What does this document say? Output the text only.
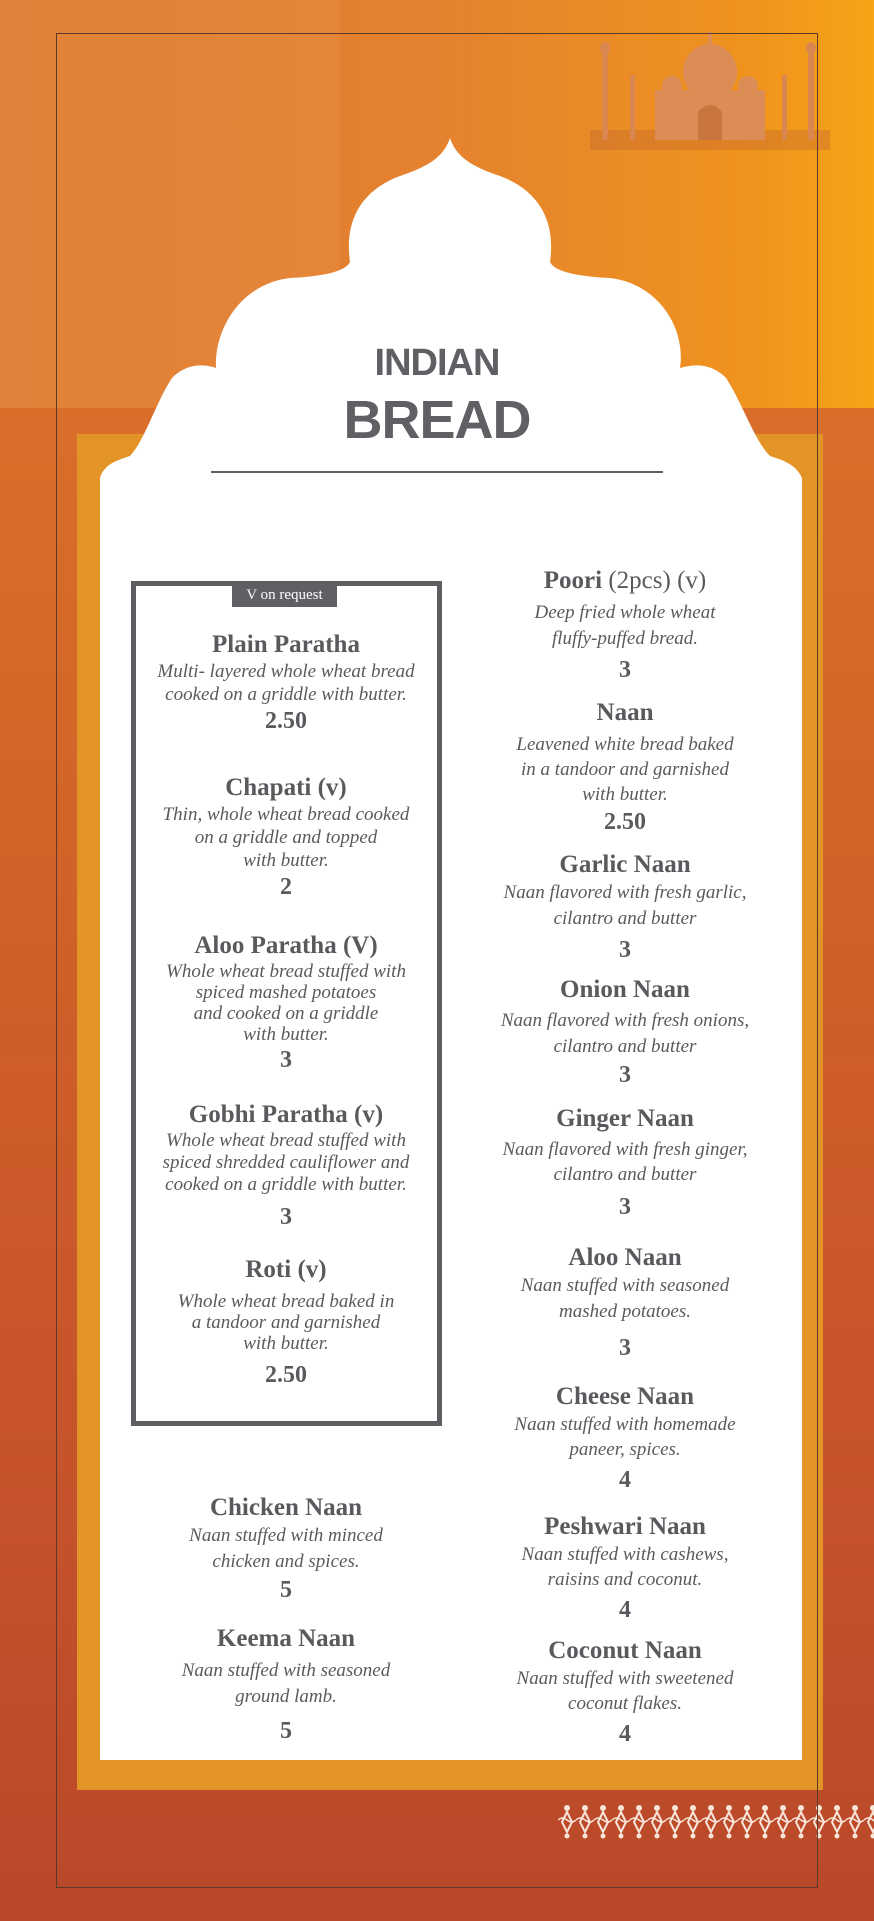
INDIAN
BREAD
V on request
Plain Paratha
Multi- layered whole wheat bread
cooked on a griddle with butter.
2.50
Chapati (v)
Thin, whole wheat bread cooked
on a griddle and topped
with butter.
2
Aloo Paratha (V)
Whole wheat bread stuffed with
spiced mashed potatoes
and cooked on a griddle
with butter.
3
Gobhi Paratha (v)
Whole wheat bread stuffed with
spiced shredded cauliflower and
cooked on a griddle with butter.
3
Roti (v)
Whole wheat bread baked in
a tandoor and garnished
with butter.
2.50
Chicken Naan
Naan stuffed with minced
chicken and spices.
5
Keema Naan
Naan stuffed with seasoned
ground lamb.
5
Poori (2pcs) (v)
Deep fried whole wheat
fluffy-puffed bread.
3
Naan
Leavened white bread baked
in a tandoor and garnished
with butter.
2.50
Garlic Naan
Naan flavored with fresh garlic,
cilantro and butter
3
Onion Naan
Naan flavored with fresh onions,
cilantro and butter
3
Ginger Naan
Naan flavored with fresh ginger,
cilantro and butter
3
Aloo Naan
Naan stuffed with seasoned
mashed potatoes.
3
Cheese Naan
Naan stuffed with homemade
paneer, spices.
4
Peshwari Naan
Naan stuffed with cashews,
raisins and coconut.
4
Coconut Naan
Naan stuffed with sweetened
coconut flakes.
4
